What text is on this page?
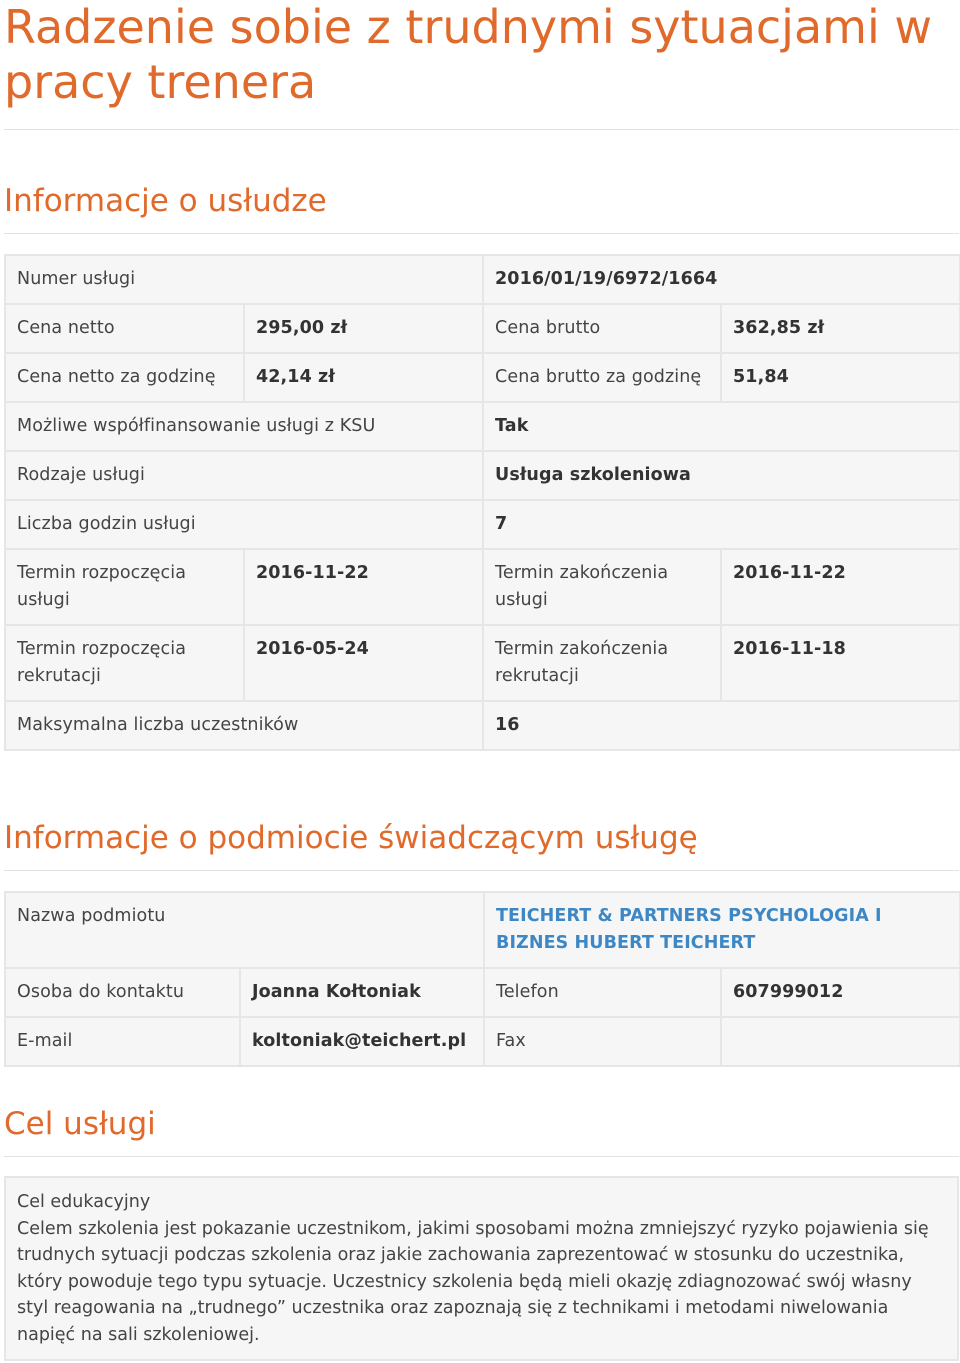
Radzenie sobie z trudnymi sytuacjami w pracy trenera
Informacje o usłudze
Numer usługi		2016/01/19/6972/1664	
Cena netto	295,00 zł	Cena brutto	362,85 zł
Cena netto za godzinę	42,14 zł	Cena brutto za godzinę	51,84
Możliwe współfinansowanie usługi z KSU		Tak	
Rodzaje usługi		Usługa szkoleniowa	
Liczba godzin usługi		7	
Termin rozpoczęcia usługi	2016-11-22	Termin zakończenia usługi	2016-11-22
Termin rozpoczęcia rekrutacji	2016-05-24	Termin zakończenia rekrutacji	2016-11-18
Maksymalna liczba uczestników		16	
Informacje o podmiocie świadczącym usługę
Nazwa podmiotu		TEICHERT & PARTNERS PSYCHOLOGIA I BIZNES HUBERT TEICHERT	
Osoba do kontaktu	Joanna Kołtoniak	Telefon	607999012
E-mail	koltoniak@teichert.pl	Fax	
Cel usługi
Cel edukacyjny
Celem szkolenia jest pokazanie uczestnikom, jakimi sposobami można zmniejszyć ryzyko pojawienia się trudnych sytuacji podczas szkolenia oraz jakie zachowania zaprezentować w stosunku do uczestnika, który powoduje tego typu sytuacje. Uczestnicy szkolenia będą mieli okazję zdiagnozować swój własny styl reagowania na „trudnego” uczestnika oraz zapoznają się z technikami i metodami niwelowania napięć na sali szkoleniowej.
